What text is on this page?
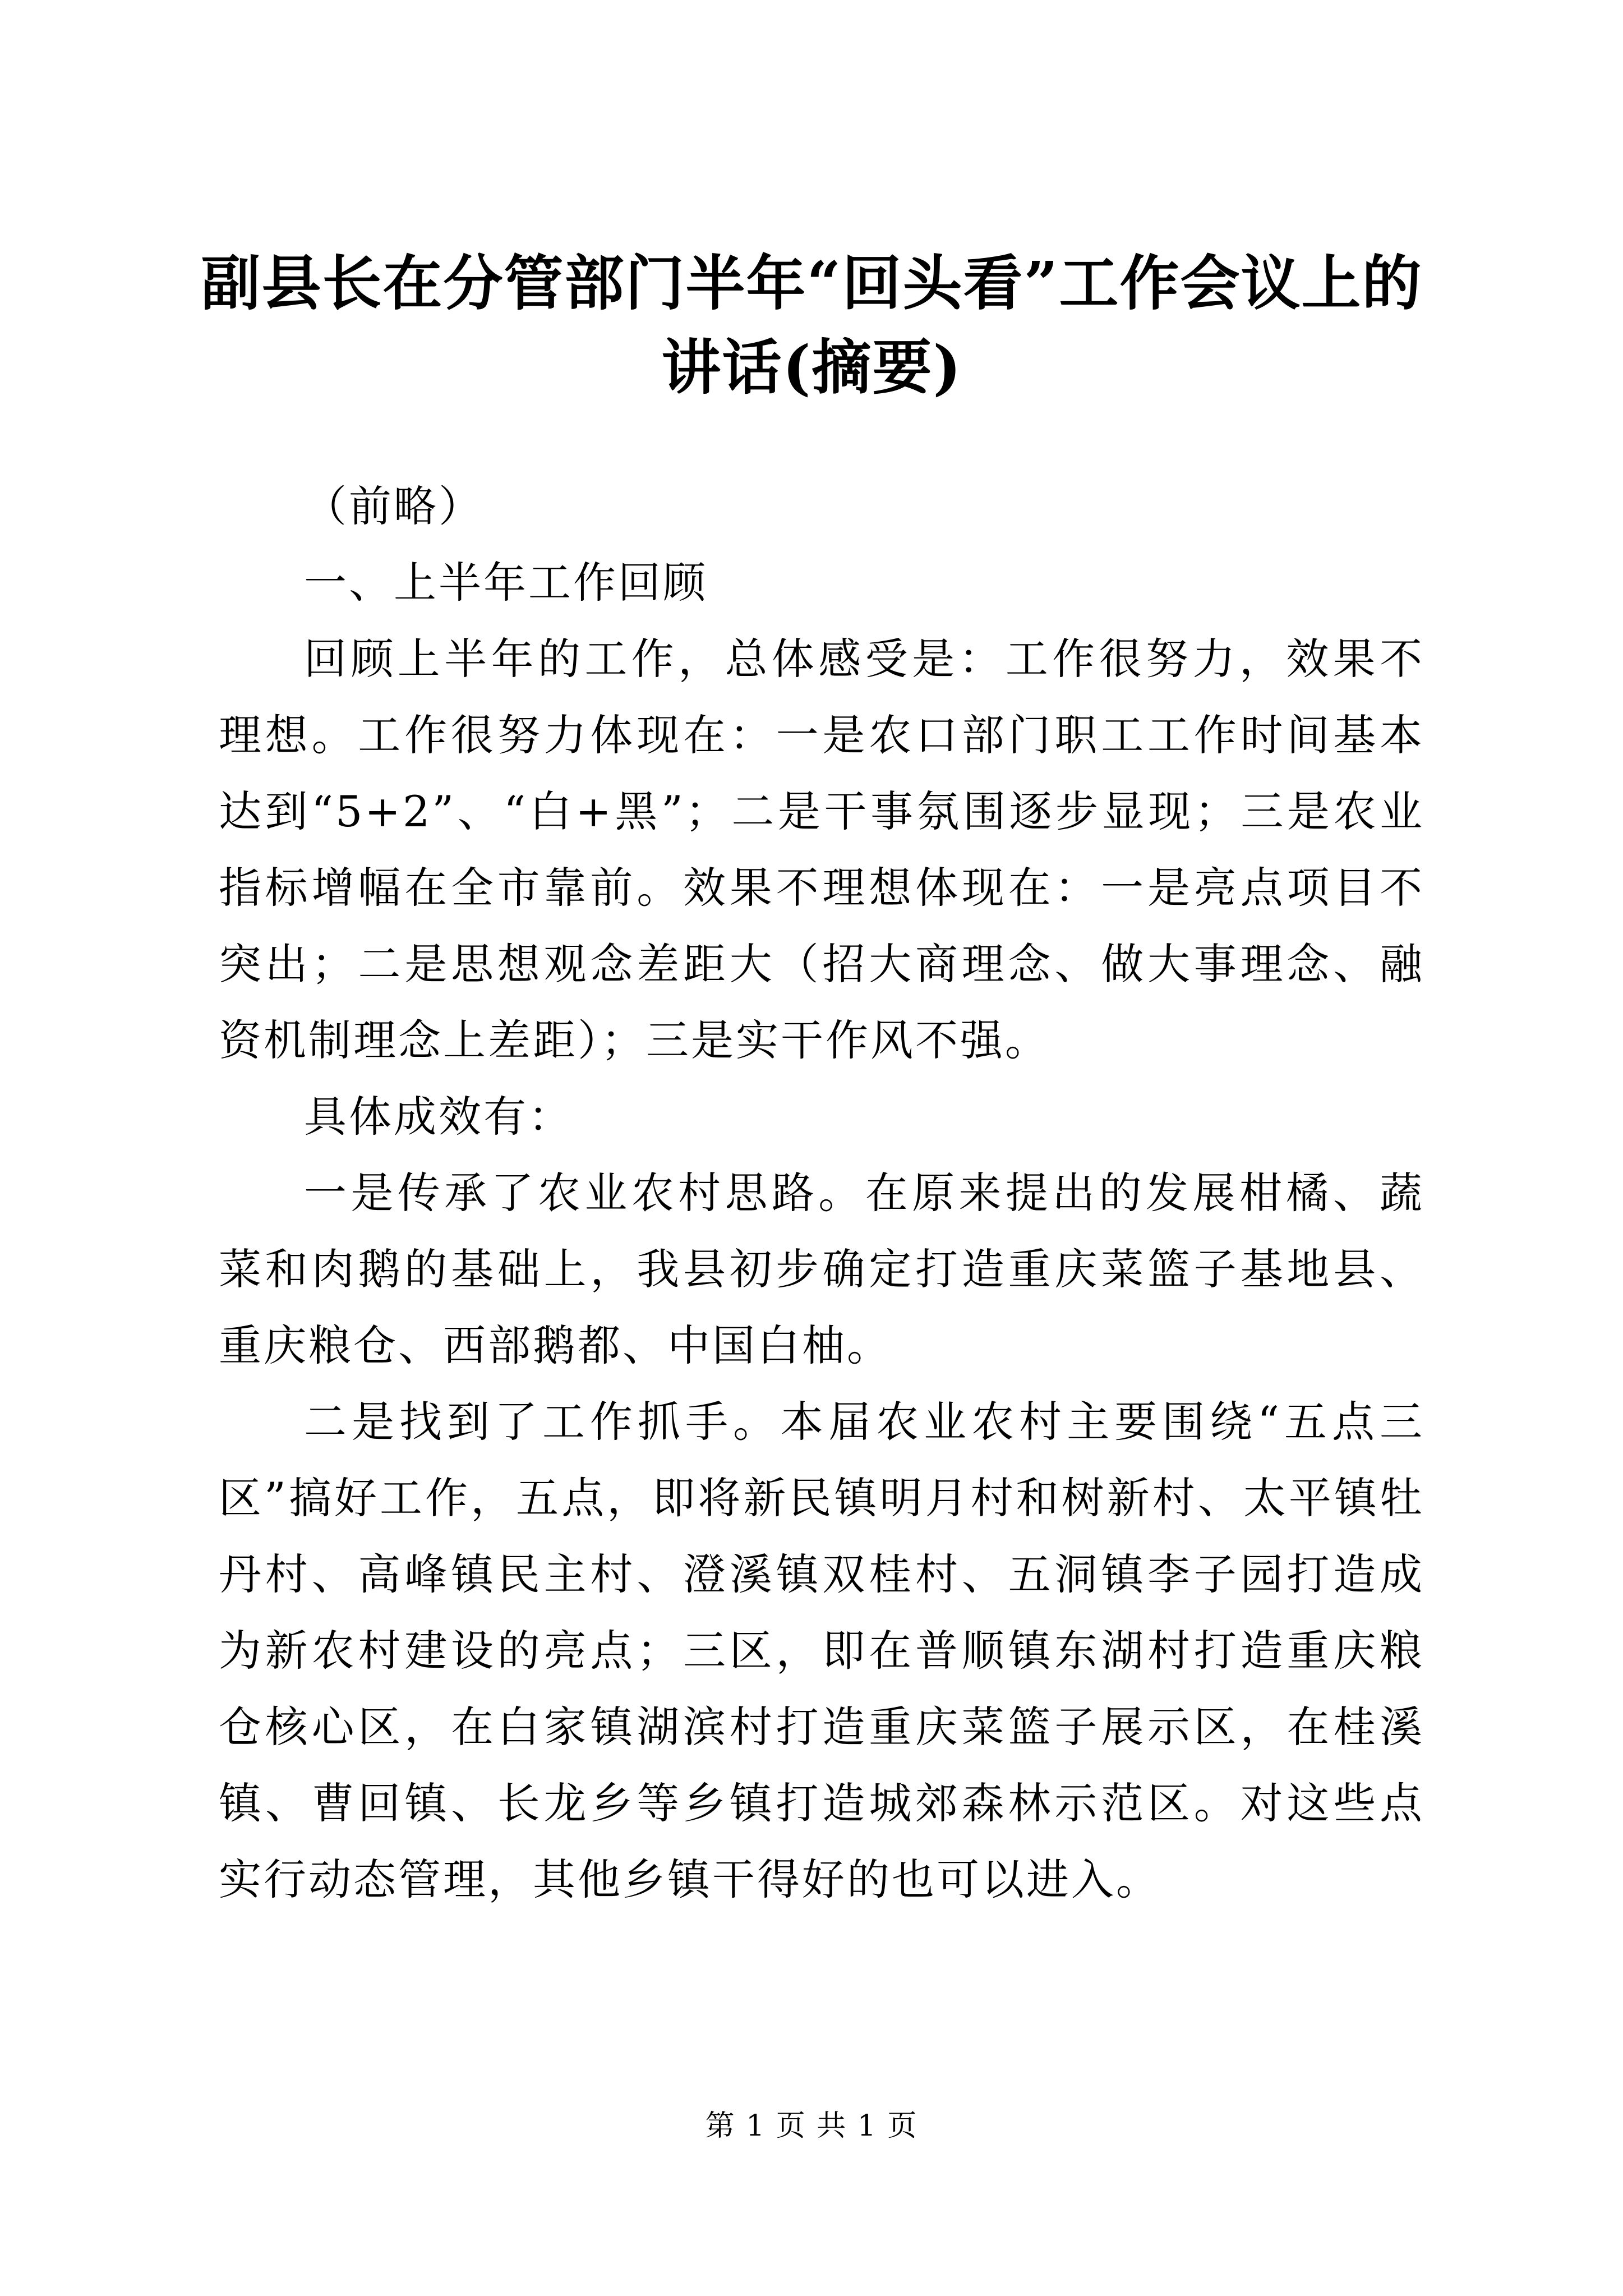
副县长在分管部门半年“回头看”工作会议上的讲话(摘要)

（前略）

一、上半年工作回顾

回顾上半年的工作，总体感受是：工作很努力，效果不理想。工作很努力体现在：一是农口部门职工工作时间基本达到“5+2”、“白+黑”；二是干事氛围逐步显现；三是农业指标增幅在全市靠前。效果不理想体现在：一是亮点项目不突出；二是思想观念差距大（招大商理念、做大事理念、融资机制理念上差距）；三是实干作风不强。

具体成效有：

一是传承了农业农村思路。在原来提出的发展柑橘、蔬菜和肉鹅的基础上，我县初步确定打造重庆菜篮子基地县、重庆粮仓、西部鹅都、中国白柚。

二是找到了工作抓手。本届农业农村主要围绕“五点三区”搞好工作，五点，即将新民镇明月村和树新村、太平镇牡丹村、高峰镇民主村、澄溪镇双桂村、五洞镇李子园打造成为新农村建设的亮点；三区，即在普顺镇东湖村打造重庆粮仓核心区，在白家镇湖滨村打造重庆菜篮子展示区，在桂溪镇、曹回镇、长龙乡等乡镇打造城郊森林示范区。对这些点实行动态管理，其他乡镇干得好的也可以进入。

第 1 页 共 1 页
